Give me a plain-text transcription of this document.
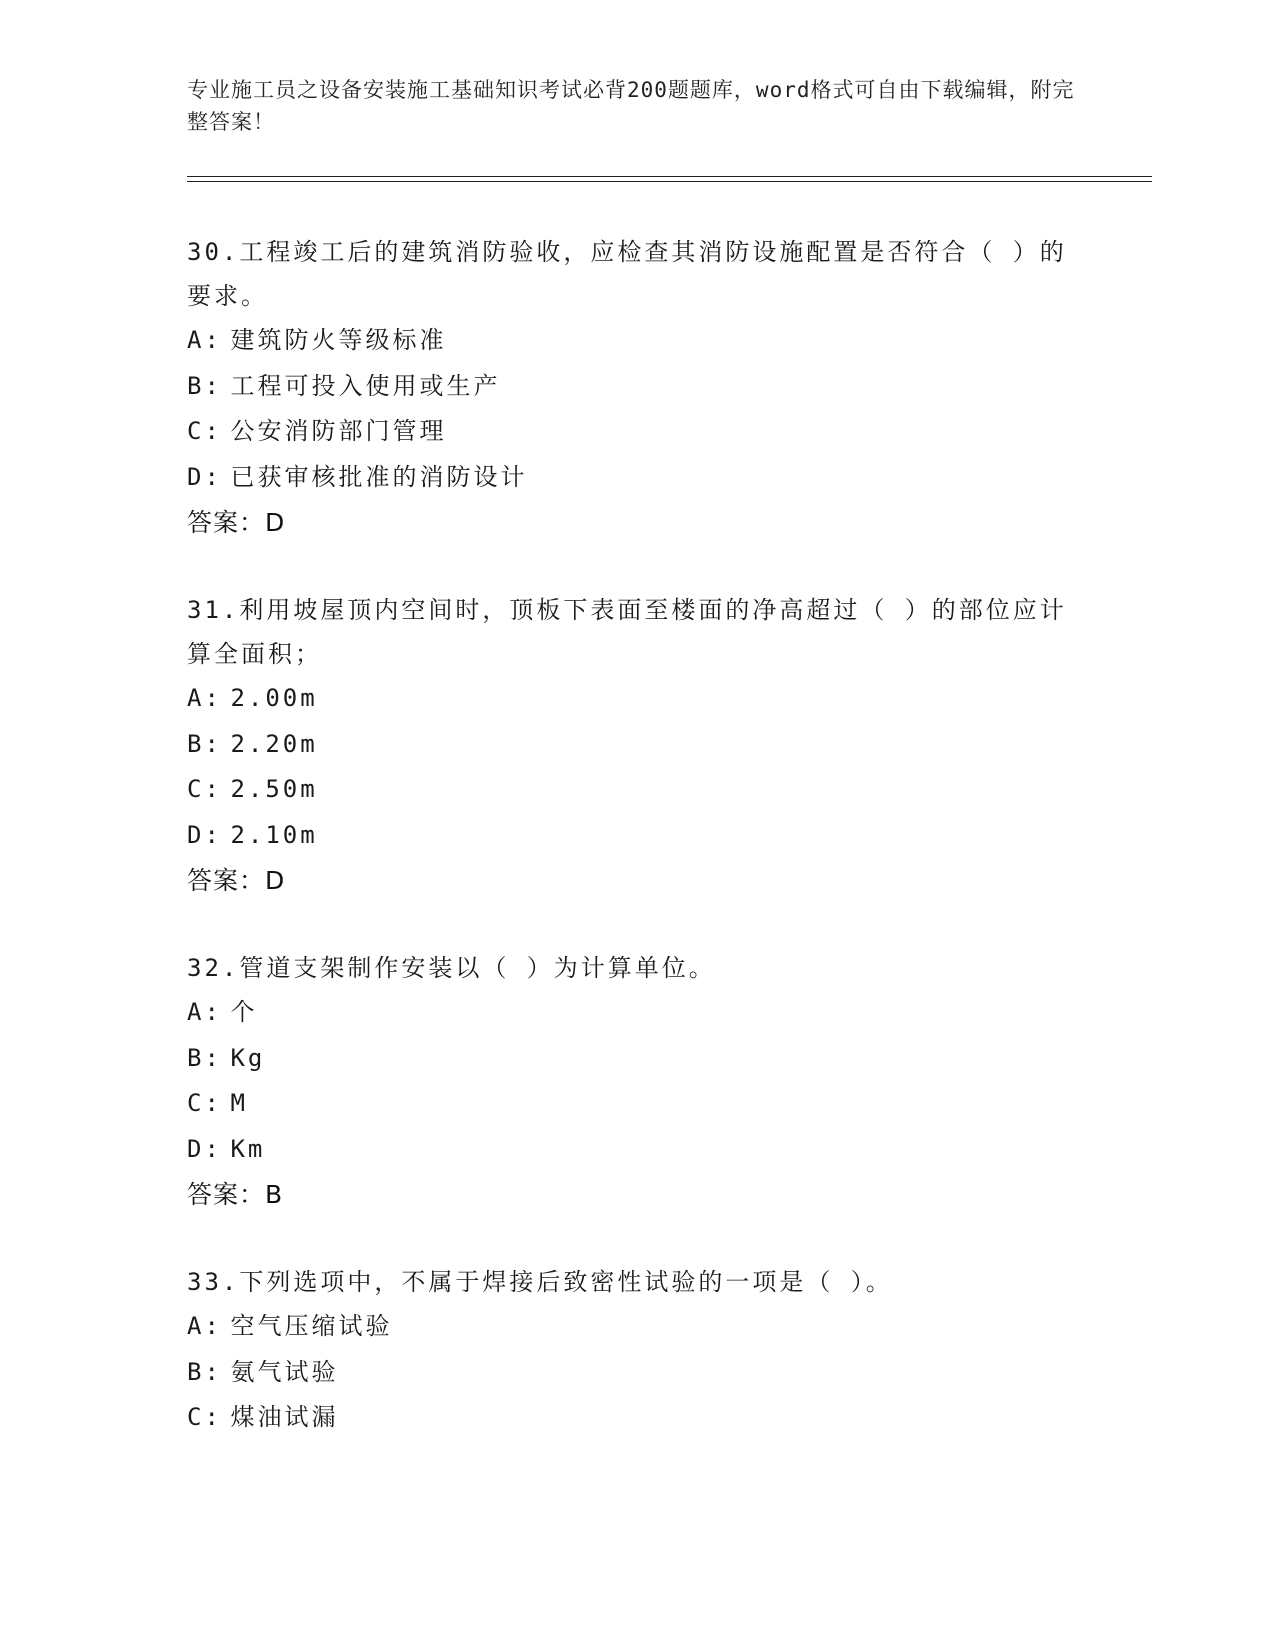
专业施工员之设备安装施工基础知识考试必背200题题库，word格式可自由下载编辑，附完整答案！

30.工程竣工后的建筑消防验收，应检查其消防设施配置是否符合（ ）的要求。

A : 建筑防火等级标准

B : 工程可投入使用或生产

C : 公安消防部门管理

D : 已获审核批准的消防设计

答案：D

31.利用坡屋顶内空间时，顶板下表面至楼面的净高超过（ ）的部位应计算全面积；

A : 2.00m

B : 2.20m

C : 2.50m

D : 2.10m

答案：D

32.管道支架制作安装以（ ）为计算单位。

A : 个

B : Kg

C : M

D : Km

答案：B

33.下列选项中，不属于焊接后致密性试验的一项是（ ）。

A : 空气压缩试验

B : 氨气试验

C : 煤油试漏
